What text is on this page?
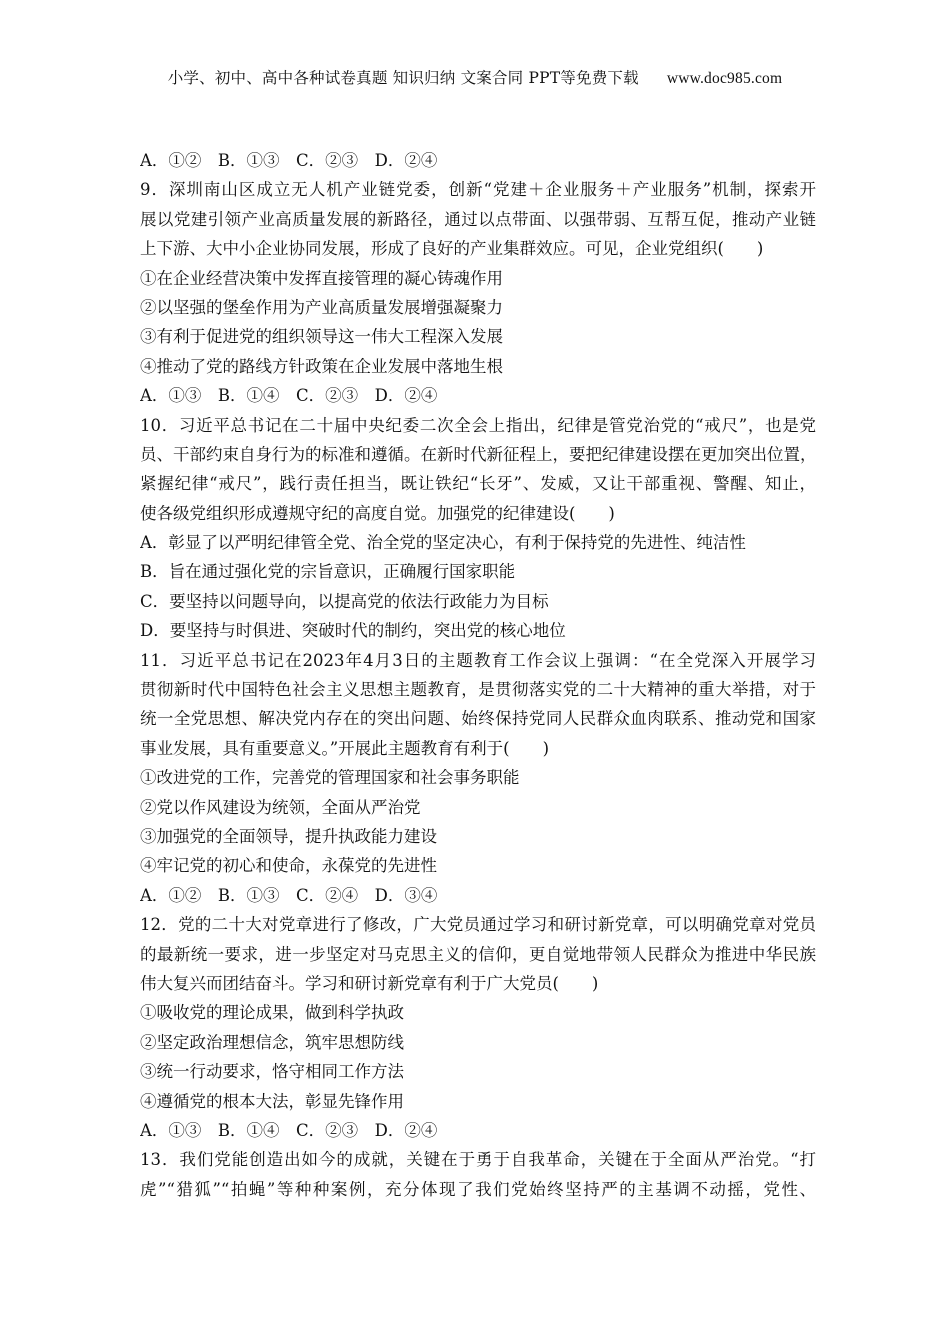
小学、初中、高中各种试卷真题 知识归纳 文案合同 PPT等免费下载 www.doc985.com
A．①②　B．①③　C．②③　D．②④
9．深圳南山区成立无人机产业链党委，创新“党建＋企业服务＋产业服务”机制，探索开
展以党建引领产业高质量发展的新路径，通过以点带面、以强带弱、互帮互促，推动产业链
上下游、大中小企业协同发展，形成了良好的产业集群效应。可见，企业党组织(　　)
①在企业经营决策中发挥直接管理的凝心铸魂作用
②以坚强的堡垒作用为产业高质量发展增强凝聚力
③有利于促进党的组织领导这一伟大工程深入发展
④推动了党的路线方针政策在企业发展中落地生根
A．①③　B．①④　C．②③　D．②④
10．习近平总书记在二十届中央纪委二次全会上指出，纪律是管党治党的“戒尺”，也是党
员、干部约束自身行为的标准和遵循。在新时代新征程上，要把纪律建设摆在更加突出位置，
紧握纪律“戒尺”，践行责任担当，既让铁纪“长牙”、发威，又让干部重视、警醒、知止，
使各级党组织形成遵规守纪的高度自觉。加强党的纪律建设(　　)
A．彰显了以严明纪律管全党、治全党的坚定决心，有利于保持党的先进性、纯洁性
B．旨在通过强化党的宗旨意识，正确履行国家职能
C．要坚持以问题导向，以提高党的依法行政能力为目标
D．要坚持与时俱进、突破时代的制约，突出党的核心地位
11．习近平总书记在2023年4月3日的主题教育工作会议上强调：“在全党深入开展学习
贯彻新时代中国特色社会主义思想主题教育，是贯彻落实党的二十大精神的重大举措，对于
统一全党思想、解决党内存在的突出问题、始终保持党同人民群众血肉联系、推动党和国家
事业发展，具有重要意义。”开展此主题教育有利于(　　)
①改进党的工作，完善党的管理国家和社会事务职能
②党以作风建设为统领，全面从严治党
③加强党的全面领导，提升执政能力建设
④牢记党的初心和使命，永葆党的先进性
A．①②　B．①③　C．②④　D．③④
12．党的二十大对党章进行了修改，广大党员通过学习和研讨新党章，可以明确党章对党员
的最新统一要求，进一步坚定对马克思主义的信仰，更自觉地带领人民群众为推进中华民族
伟大复兴而团结奋斗。学习和研讨新党章有利于广大党员(　　)
①吸收党的理论成果，做到科学执政
②坚定政治理想信念，筑牢思想防线
③统一行动要求，恪守相同工作方法
④遵循党的根本大法，彰显先锋作用
A．①③　B．①④　C．②③　D．②④
13．我们党能创造出如今的成就，关键在于勇于自我革命，关键在于全面从严治党。“打
虎”“猎狐”“拍蝇”等种种案例，充分体现了我们党始终坚持严的主基调不动摇，党性、
